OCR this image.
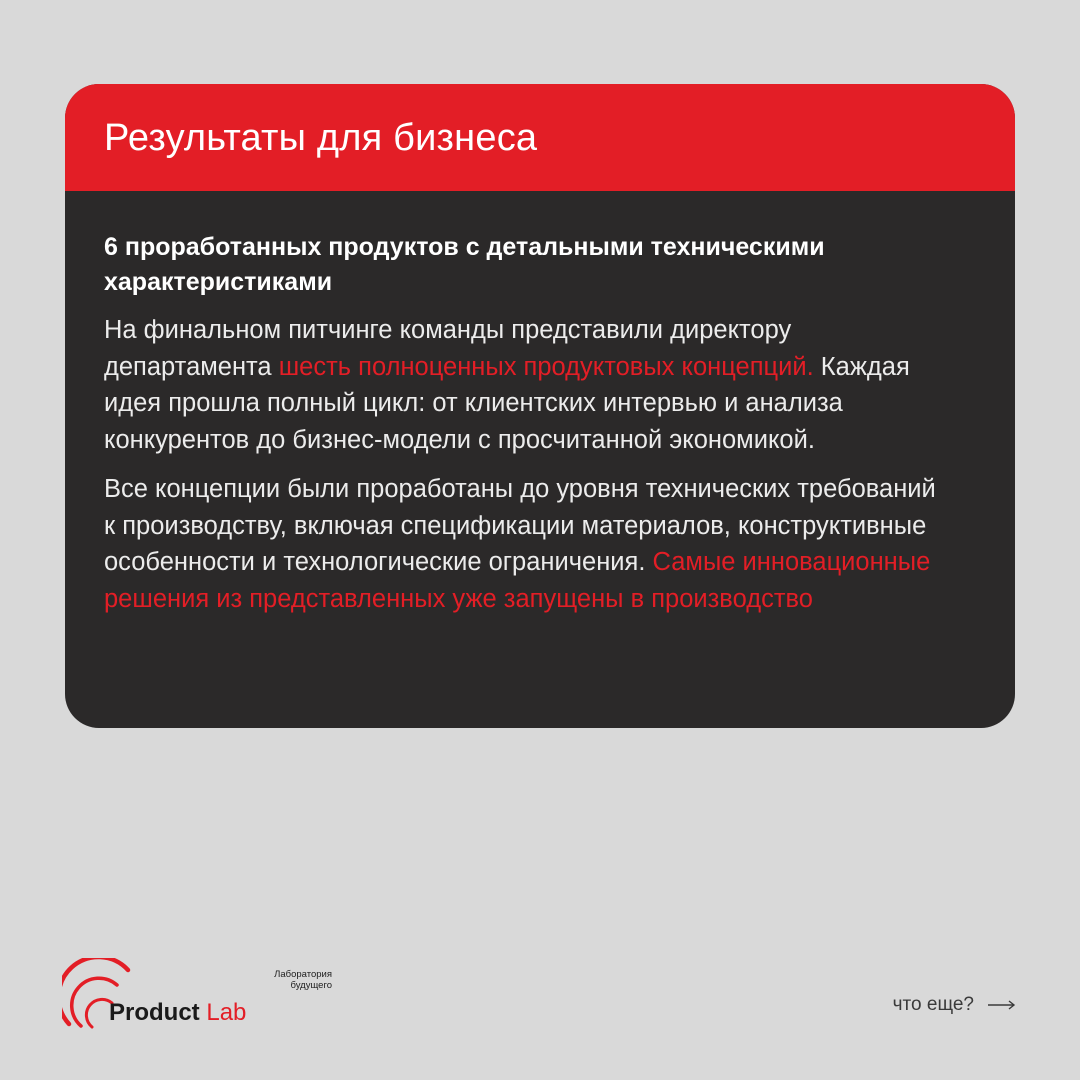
Результаты для бизнеса

6 проработанных продуктов с детальными техническими характеристиками

На финальном питчинге команды представили директору департамента шесть полноценных продуктовых концепций. Каждая идея прошла полный цикл: от клиентских интервью и анализа конкурентов до бизнес-модели с просчитанной экономикой.

Все концепции были проработаны до уровня технических требований к производству, включая спецификации материалов, конструктивные особенности и технологические ограничения. Самые инновационные решения из представленных уже запущены в производство

Лаборатория
будущего
Product Lab	что еще?
